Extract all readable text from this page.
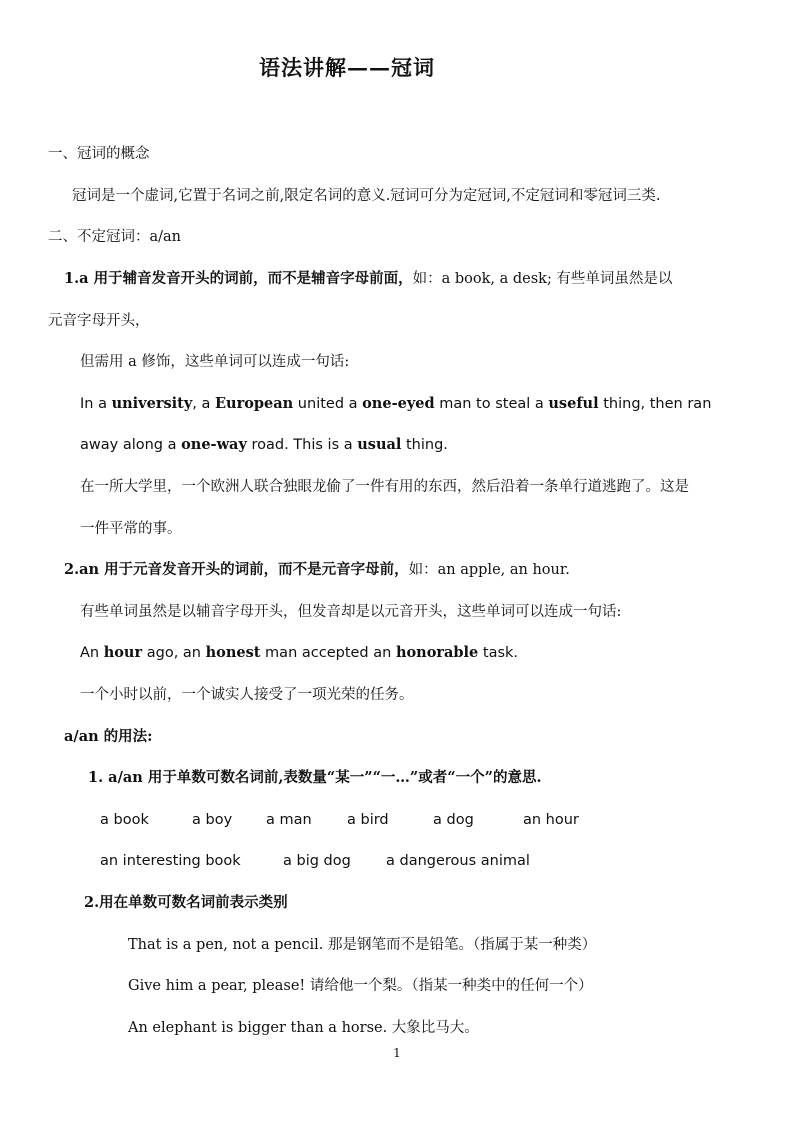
语法讲解——冠词
一、冠词的概念
冠词是一个虚词,它置于名词之前,限定名词的意义.冠词可分为定冠词,不定冠词和零冠词三类.
二、不定冠词：a/an
1.a 用于辅音发音开头的词前，而不是辅音字母前面，如：a book, a desk; 有些单词虽然是以
元音字母开头，
但需用 a 修饰，这些单词可以连成一句话:
In a university, a European united a one-eyed man to steal a useful thing, then ran
away along a one-way road. This is a usual thing.
在一所大学里，一个欧洲人联合独眼龙偷了一件有用的东西，然后沿着一条单行道逃跑了。这是
一件平常的事。
2.an 用于元音发音开头的词前，而不是元音字母前，如：an apple, an hour.
有些单词虽然是以辅音字母开头，但发音却是以元音开头，这些单词可以连成一句话:
An hour ago, an honest man accepted an honorable task.
一个小时以前，一个诚实人接受了一项光荣的任务。
a/an 的用法:
1. a/an 用于单数可数名词前,表数量“某一”“一…”或者“一个”的意思.
a book	a boy a man a bird	a dog	an hour
an interesting book	a big dog a dangerous animal
2.用在单数可数名词前表示类别
That is a pen, not a pencil. 那是钢笔而不是铅笔。（指属于某一种类）
Give him a pear, please! 请给他一个梨。（指某一种类中的任何一个）
An elephant is bigger than a horse. 大象比马大。
1
